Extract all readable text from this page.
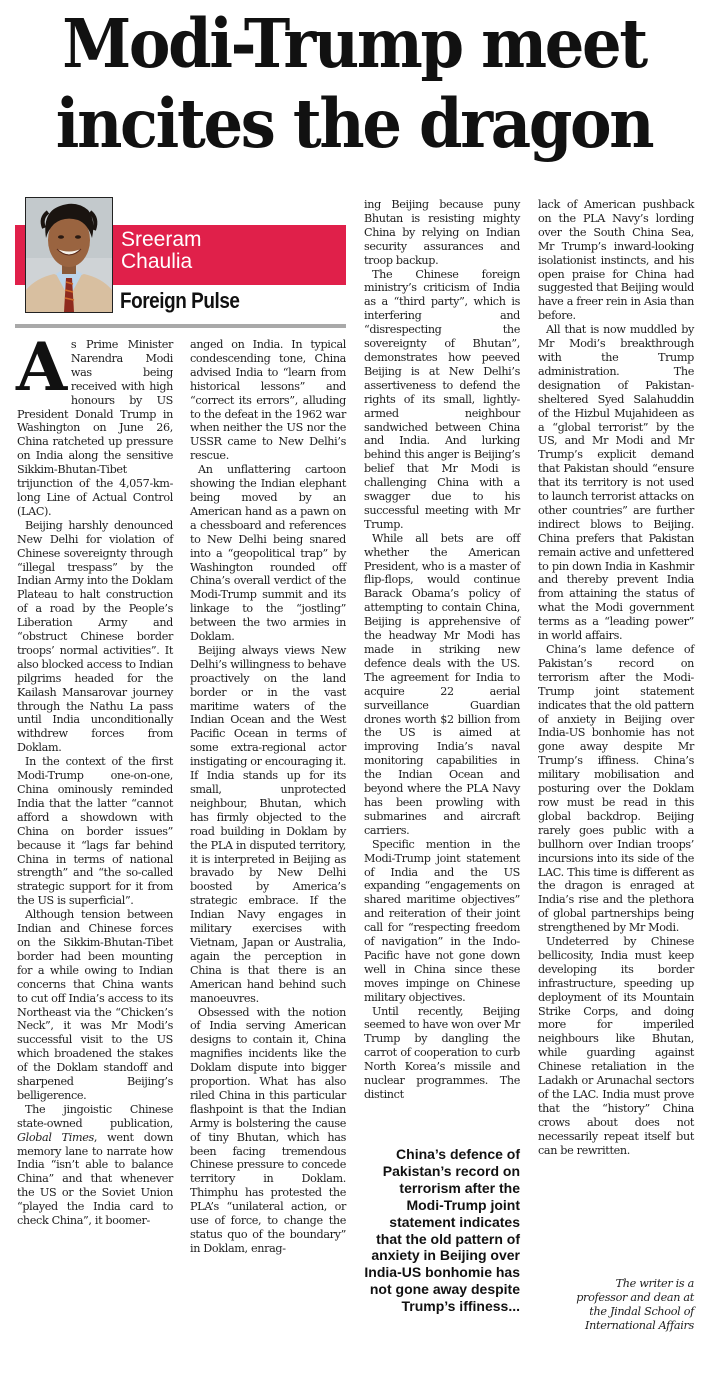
Modi-Trump meet
incites the dragon
Sreeram
Chaulia
Foreign Pulse

As Prime Minister Narendra Modi was being received with high honours by US President Donald Trump in Washington on June 26, China ratcheted up pressure on India along the sensitive Sikkim-Bhutan-Tibet trijunction of the 4,057-km-long Line of Actual Control (LAC).

Beijing harshly denounced New Delhi for violation of Chinese sovereignty through “illegal trespass” by the Indian Army into the Doklam Plateau to halt construction of a road by the People’s Liberation Army and “obstruct Chinese border troops’ normal activities”. It also blocked access to Indian pilgrims headed for the Kailash Mansarovar journey through the Nathu La pass until India unconditionally withdrew forces from Doklam.

In the context of the first Modi-Trump one-on-one, China ominously reminded India that the latter “cannot afford a showdown with China on border issues” because it “lags far behind China in terms of national strength” and “the so-called strategic support for it from the US is superficial”.

Although tension between Indian and Chinese forces on the Sikkim-Bhutan-Tibet border had been mounting for a while owing to Indian concerns that China wants to cut off India’s access to its Northeast via the “Chicken’s Neck”, it was Mr Modi’s successful visit to the US which broadened the stakes of the Doklam standoff and sharpened Beijing’s belligerence.

The jingoistic Chinese state-owned publication, Global Times, went down memory lane to narrate how India “isn’t able to balance China” and that whenever the US or the Soviet Union “played the India card to check China”, it boomer-

anged on India. In typical condescending tone, China advised India to “learn from historical lessons” and “correct its errors”, alluding to the defeat in the 1962 war when neither the US nor the USSR came to New Delhi’s rescue.

An unflattering cartoon showing the Indian elephant being moved by an American hand as a pawn on a chessboard and references to New Delhi being snared into a “geopolitical trap” by Washington rounded off China’s overall verdict of the Modi-Trump summit and its linkage to the “jostling” between the two armies in Doklam.

Beijing always views New Delhi’s willingness to behave proactively on the land border or in the vast maritime waters of the Indian Ocean and the West Pacific Ocean in terms of some extra-regional actor instigating or encouraging it. If India stands up for its small, unprotected neighbour, Bhutan, which has firmly objected to the road building in Doklam by the PLA in disputed territory, it is interpreted in Beijing as bravado by New Delhi boosted by America’s strategic embrace. If the Indian Navy engages in military exercises with Vietnam, Japan or Australia, again the perception in China is that there is an American hand behind such manoeuvres.

Obsessed with the notion of India serving American designs to contain it, China magnifies incidents like the Doklam dispute into bigger proportion. What has also riled China in this particular flashpoint is that the Indian Army is bolstering the cause of tiny Bhutan, which has been facing tremendous Chinese pressure to concede territory in Doklam. Thimphu has protested the PLA’s “unilateral action, or use of force, to change the status quo of the boundary” in Doklam, enrag-

ing Beijing because puny Bhutan is resisting mighty China by relying on Indian security assurances and troop backup.

The Chinese foreign ministry’s criticism of India as a “third party”, which is interfering and “disrespecting the sovereignty of Bhutan”, demonstrates how peeved Beijing is at New Delhi’s assertiveness to defend the rights of its small, lightly-armed neighbour sandwiched between China and India. And lurking behind this anger is Beijing’s belief that Mr Modi is challenging China with a swagger due to his successful meeting with Mr Trump.

While all bets are off whether the American President, who is a master of flip-flops, would continue Barack Obama’s policy of attempting to contain China, Beijing is apprehensive of the headway Mr Modi has made in striking new defence deals with the US. The agreement for India to acquire 22 aerial surveillance Guardian drones worth $2 billion from the US is aimed at improving India’s naval monitoring capabilities in the Indian Ocean and beyond where the PLA Navy has been prowling with submarines and aircraft carriers.

Specific mention in the Modi-Trump joint statement of India and the US expanding “engagements on shared maritime objectives” and reiteration of their joint call for “respecting freedom of navigation” in the Indo-Pacific have not gone down well in China since these moves impinge on Chinese military objectives.

Until recently, Beijing seemed to have won over Mr Trump by dangling the carrot of cooperation to curb North Korea’s missile and nuclear programmes. The distinct

China’s defence of Pakistan’s record on terrorism after the Modi-Trump joint statement indicates that the old pattern of anxiety in Beijing over India-US bonhomie has not gone away despite Trump’s iffiness...

lack of American pushback on the PLA Navy’s lording over the South China Sea, Mr Trump’s inward-looking isolationist instincts, and his open praise for China had suggested that Beijing would have a freer rein in Asia than before.

All that is now muddled by Mr Modi’s breakthrough with the Trump administration. The designation of Pakistan-sheltered Syed Salahuddin of the Hizbul Mujahideen as a “global terrorist” by the US, and Mr Modi and Mr Trump’s explicit demand that Pakistan should “ensure that its territory is not used to launch terrorist attacks on other countries” are further indirect blows to Beijing. China prefers that Pakistan remain active and unfettered to pin down India in Kashmir and thereby prevent India from attaining the status of what the Modi government terms as a “leading power” in world affairs.

China’s lame defence of Pakistan’s record on terrorism after the Modi-Trump joint statement indicates that the old pattern of anxiety in Beijing over India-US bonhomie has not gone away despite Mr Trump’s iffiness. China’s military mobilisation and posturing over the Doklam row must be read in this global backdrop. Beijing rarely goes public with a bullhorn over Indian troops’ incursions into its side of the LAC. This time is different as the dragon is enraged at India’s rise and the plethora of global partnerships being strengthened by Mr Modi.

Undeterred by Chinese bellicosity, India must keep developing its border infrastructure, speeding up deployment of its Mountain Strike Corps, and doing more for imperiled neighbours like Bhutan, while guarding against Chinese retaliation in the Ladakh or Arunachal sectors of the LAC. India must prove that the “history” China crows about does not necessarily repeat itself but can be rewritten.

The writer is a
professor and dean at
the Jindal School of
International Affairs
